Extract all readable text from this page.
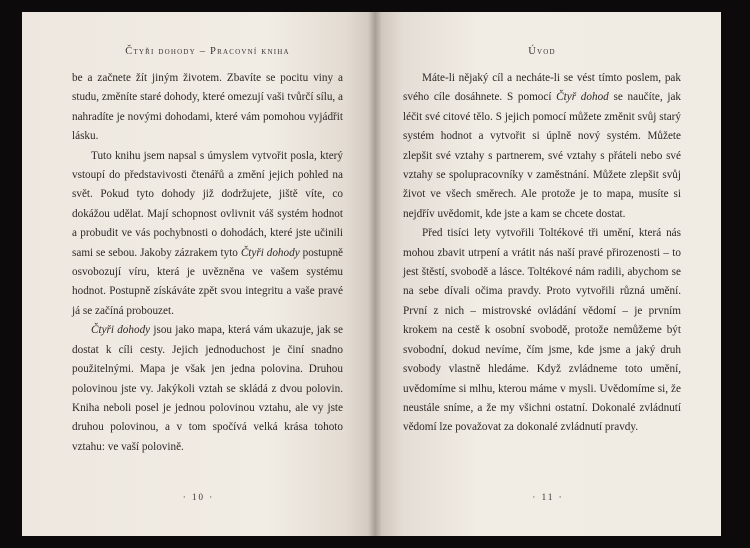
Čtyři dohody – Pracovní kniha

be a začnete žít jiným životem. Zbavíte se pocitu viny a studu, změníte staré dohody, které omezují vaši tvůrčí sílu, a nahradíte je novými dohodami, které vám pomohou vyjádřit lásku.

Tuto knihu jsem napsal s úmyslem vytvořit posla, který vstoupí do představivosti čtenářů a změní jejich pohled na svět. Pokud tyto dohody již dodržujete, jiště víte, co dokážou udělat. Mají schopnost ovlivnit váš systém hodnot a probudit ve vás pochybnosti o dohodách, které jste učinili sami se sebou. Jakoby zázrakem tyto Čtyři dohody postupně osvobozují víru, která je uvězněna ve vašem systému hodnot. Postupně získáváte zpět svou integritu a vaše pravé já se začíná probouzet.

Čtyři dohody jsou jako mapa, která vám ukazuje, jak se dostat k cíli cesty. Jejich jednoduchost je činí snadno použitelnými. Mapa je však jen jedna polovina. Druhou polovinou jste vy. Jakýkoli vztah se skládá z dvou polovin. Kniha neboli posel je jednou polovinou vztahu, ale vy jste druhou polovinou, a v tom spočívá velká krása tohoto vztahu: ve vaší polovině.

· 10 ·
Úvod

Máte-li nějaký cíl a necháte-li se vést tímto poslem, pak svého cíle dosáhnete. S pomocí Čtyř dohod se naučíte, jak léčit své citové tělo. S jejich pomocí můžete změnit svůj starý systém hodnot a vytvořit si úplně nový systém. Můžete zlepšit své vztahy s partnerem, své vztahy s přáteli nebo své vztahy se spolupracovníky v zaměstnání. Můžete zlepšit svůj život ve všech směrech. Ale protože je to mapa, musíte si nejdřív uvědomit, kde jste a kam se chcete dostat.

Před tisíci lety vytvořili Toltékové tři umění, která nás mohou zbavit utrpení a vrátit nás naší pravé přirozenosti – to jest štěstí, svobodě a lásce. Toltékové nám radili, abychom se na sebe dívali očima pravdy. Proto vytvořili různá umění. První z nich – mistrovské ovládání vědomí – je prvním krokem na cestě k osobní svobodě, protože nemůžeme být svobodní, dokud nevíme, čím jsme, kde jsme a jaký druh svobody vlastně hledáme. Když zvládneme toto umění, uvědomíme si mlhu, kterou máme v mysli. Uvědomíme si, že neustále sníme, a že my všichni ostatní. Dokonalé zvládnutí vědomí lze považovat za dokonalé zvládnutí pravdy.

· 11 ·
